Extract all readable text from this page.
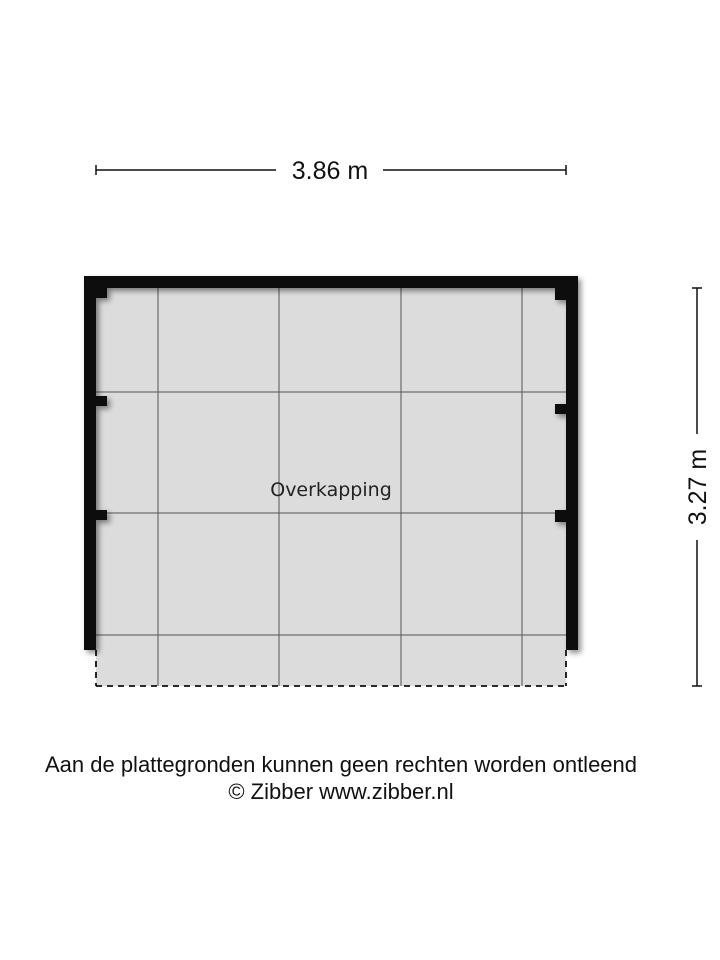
3.86 m
3.27 m
Overkapping
Aan de plattegronden kunnen geen rechten worden ontleend
© Zibber www.zibber.nl
